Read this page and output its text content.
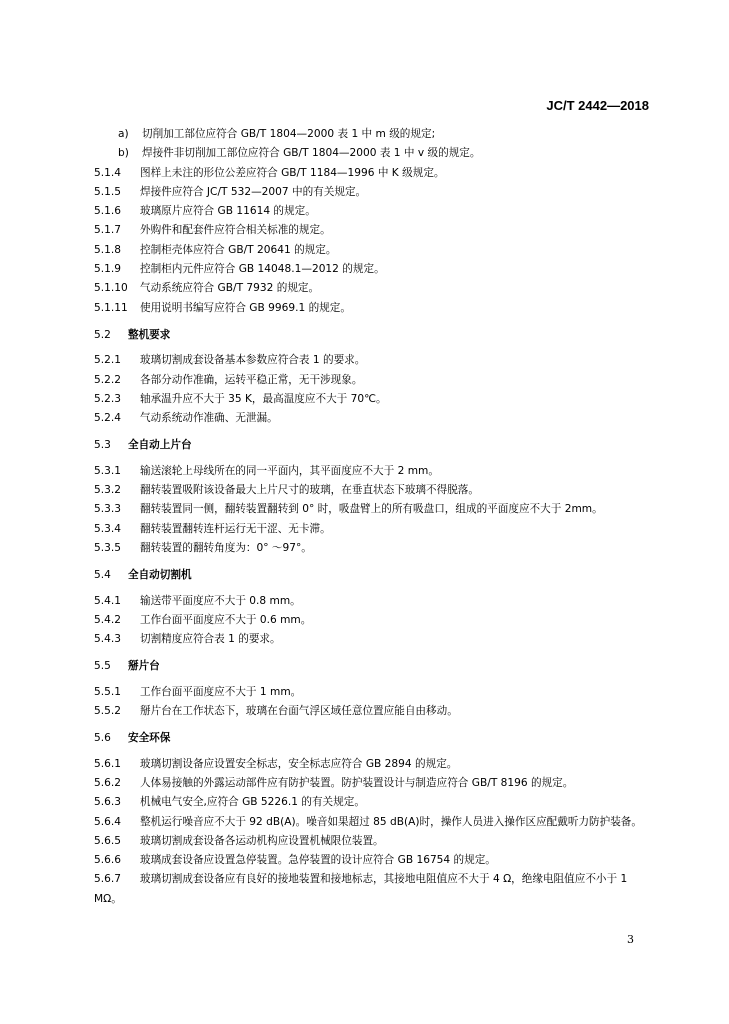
JC/T 2442—2018
a) 切削加工部位应符合 GB/T 1804—2000 表 1 中 m 级的规定;
b) 焊接件非切削加工部位应符合 GB/T 1804—2000 表 1 中 v 级的规定。
5.1.4 图样上未注的形位公差应符合 GB/T 1184—1996 中 K 级规定。
5.1.5 焊接件应符合 JC/T 532—2007 中的有关规定。
5.1.6 玻璃原片应符合 GB 11614 的规定。
5.1.7 外购件和配套件应符合相关标准的规定。
5.1.8 控制柜壳体应符合 GB/T 20641 的规定。
5.1.9 控制柜内元件应符合 GB 14048.1—2012 的规定。
5.1.10 气动系统应符合 GB/T 7932 的规定。
5.1.11 使用说明书编写应符合 GB 9969.1 的规定。
5.2 整机要求
5.2.1 玻璃切割成套设备基本参数应符合表 1 的要求。
5.2.2 各部分动作准确，运转平稳正常，无干涉现象。
5.2.3 轴承温升应不大于 35 K，最高温度应不大于 70℃。
5.2.4 气动系统动作准确、无泄漏。
5.3 全自动上片台
5.3.1 输送滚轮上母线所在的同一平面内，其平面度应不大于 2 mm。
5.3.2 翻转装置吸附该设备最大上片尺寸的玻璃，在垂直状态下玻璃不得脱落。
5.3.3 翻转装置同一侧，翻转装置翻转到 0° 时，吸盘臂上的所有吸盘口，组成的平面度应不大于 2mm。
5.3.4 翻转装置翻转连杆运行无干涩、无卡滞。
5.3.5 翻转装置的翻转角度为：0° ～97°。
5.4 全自动切割机
5.4.1 输送带平面度应不大于 0.8 mm。
5.4.2 工作台面平面度应不大于 0.6 mm。
5.4.3 切割精度应符合表 1 的要求。
5.5 掰片台
5.5.1 工作台面平面度应不大于 1 mm。
5.5.2 掰片台在工作状态下，玻璃在台面气浮区域任意位置应能自由移动。
5.6 安全环保
5.6.1 玻璃切割设备应设置安全标志，安全标志应符合 GB 2894 的规定。
5.6.2 人体易接触的外露运动部件应有防护装置。防护装置设计与制造应符合 GB/T 8196 的规定。
5.6.3 机械电气安全,应符合 GB 5226.1 的有关规定。
5.6.4 整机运行噪音应不大于 92 dB(A)。噪音如果超过 85 dB(A)时，操作人员进入操作区应配戴听力防护装备。
5.6.5 玻璃切割成套设备各运动机构应设置机械限位装置。
5.6.6 玻璃成套设备应设置急停装置。急停装置的设计应符合 GB 16754 的规定。
5.6.7 玻璃切割成套设备应有良好的接地装置和接地标志，其接地电阻值应不大于 4 Ω，绝缘电阻值应不小于 1 MΩ。
3
